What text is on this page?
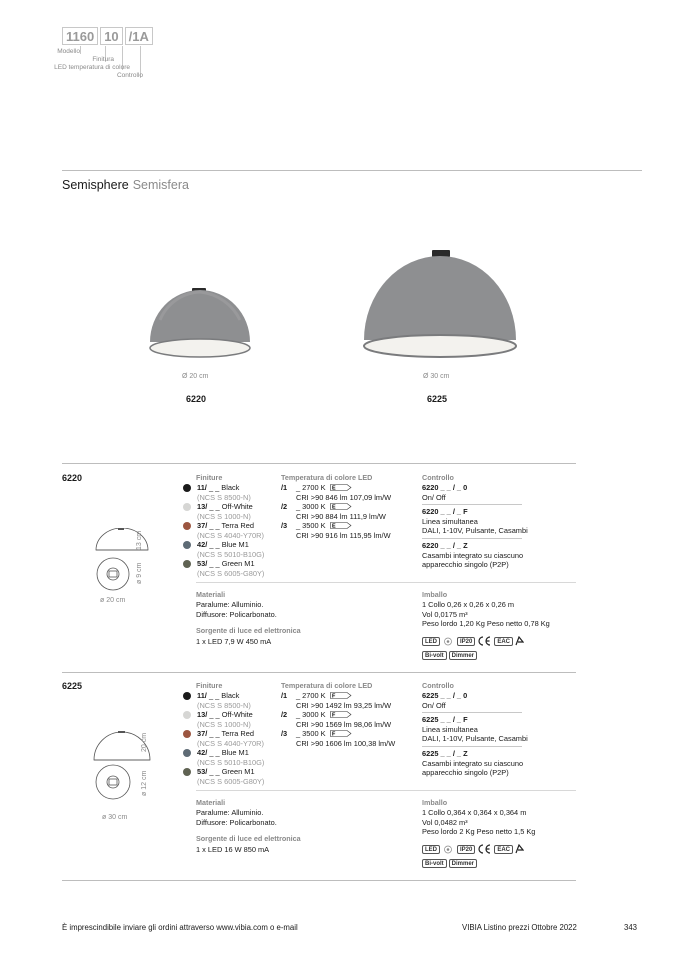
1160 10 /1A
Modello
Finitura
LED temperatura di colore
Controllo
Semisphere Semisfera
Ø 20 cm	Ø 30 cm
6220	6225
6220
13 cm
ø 9 cm
ø 20 cm
Finiture
11/ _ _ Black
(NCS S 8500-N)
13/ _ _ Off-White
(NCS S 1000-N)
37/ _ _ Terra Red
(NCS S 4040-Y70R)
42/ _ _ Blue M1
(NCS S 5010-B10G)
53/ _ _ Green M1
(NCS S 6005-G80Y)
Temperatura di colore LED
/1 _ 2700 K E
CRI >90 846 lm 107,09 lm/W
/2 _ 3000 K E
CRI >90 884 lm 111,9 lm/W
/3 _ 3500 K E
CRI >90 916 lm 115,95 lm/W
Controllo
6220 _ _ / _ 0
On/ Off
6220 _ _ / _ F
Linea simultanea
DALI, 1-10V, Pulsante, Casambi
6220 _ _ / _ Z
Casambi integrato su ciascuno
apparecchio singolo (P2P)
Materiali
Paralume: Alluminio.
Diffusore: Policarbonato.
Sorgente di luce ed elettronica
1 x LED 7,9 W 450 mA
Imballo
1 Collo 0,26 x 0,26 x 0,26 m
Vol 0,0175 m³
Peso lordo 1,20 Kg Peso netto 0,78 Kg
LED	IP20	EAC
Bi-volt	Dimmer
6225
20 cm
ø 12 cm
ø 30 cm
Finiture
11/ _ _ Black
(NCS S 8500-N)
13/ _ _ Off-White
(NCS S 1000-N)
37/ _ _ Terra Red
(NCS S 4040-Y70R)
42/ _ _ Blue M1
(NCS S 5010-B10G)
53/ _ _ Green M1
(NCS S 6005-G80Y)
Temperatura di colore LED
/1 _ 2700 K F
CRI >90 1492 lm 93,25 lm/W
/2 _ 3000 K F
CRI >90 1569 lm 98,06 lm/W
/3 _ 3500 K F
CRI >90 1606 lm 100,38 lm/W
Controllo
6225 _ _ / _ 0
On/ Off
6225 _ _ / _ F
Linea simultanea
DALI, 1-10V, Pulsante, Casambi
6225 _ _ / _ Z
Casambi integrato su ciascuno
apparecchio singolo (P2P)
Materiali
Paralume: Alluminio.
Diffusore: Policarbonato.
Sorgente di luce ed elettronica
1 x LED 16 W 850 mA
Imballo
1 Collo 0,364 x 0,364 x 0,364 m
Vol 0,0482 m³
Peso lordo 2 Kg Peso netto 1,5 Kg
LED	IP20	EAC
Bi-volt	Dimmer
È imprescindibile inviare gli ordini attraverso www.vibia.com o e-mail	VIBIA Listino prezzi Ottobre 2022	343
